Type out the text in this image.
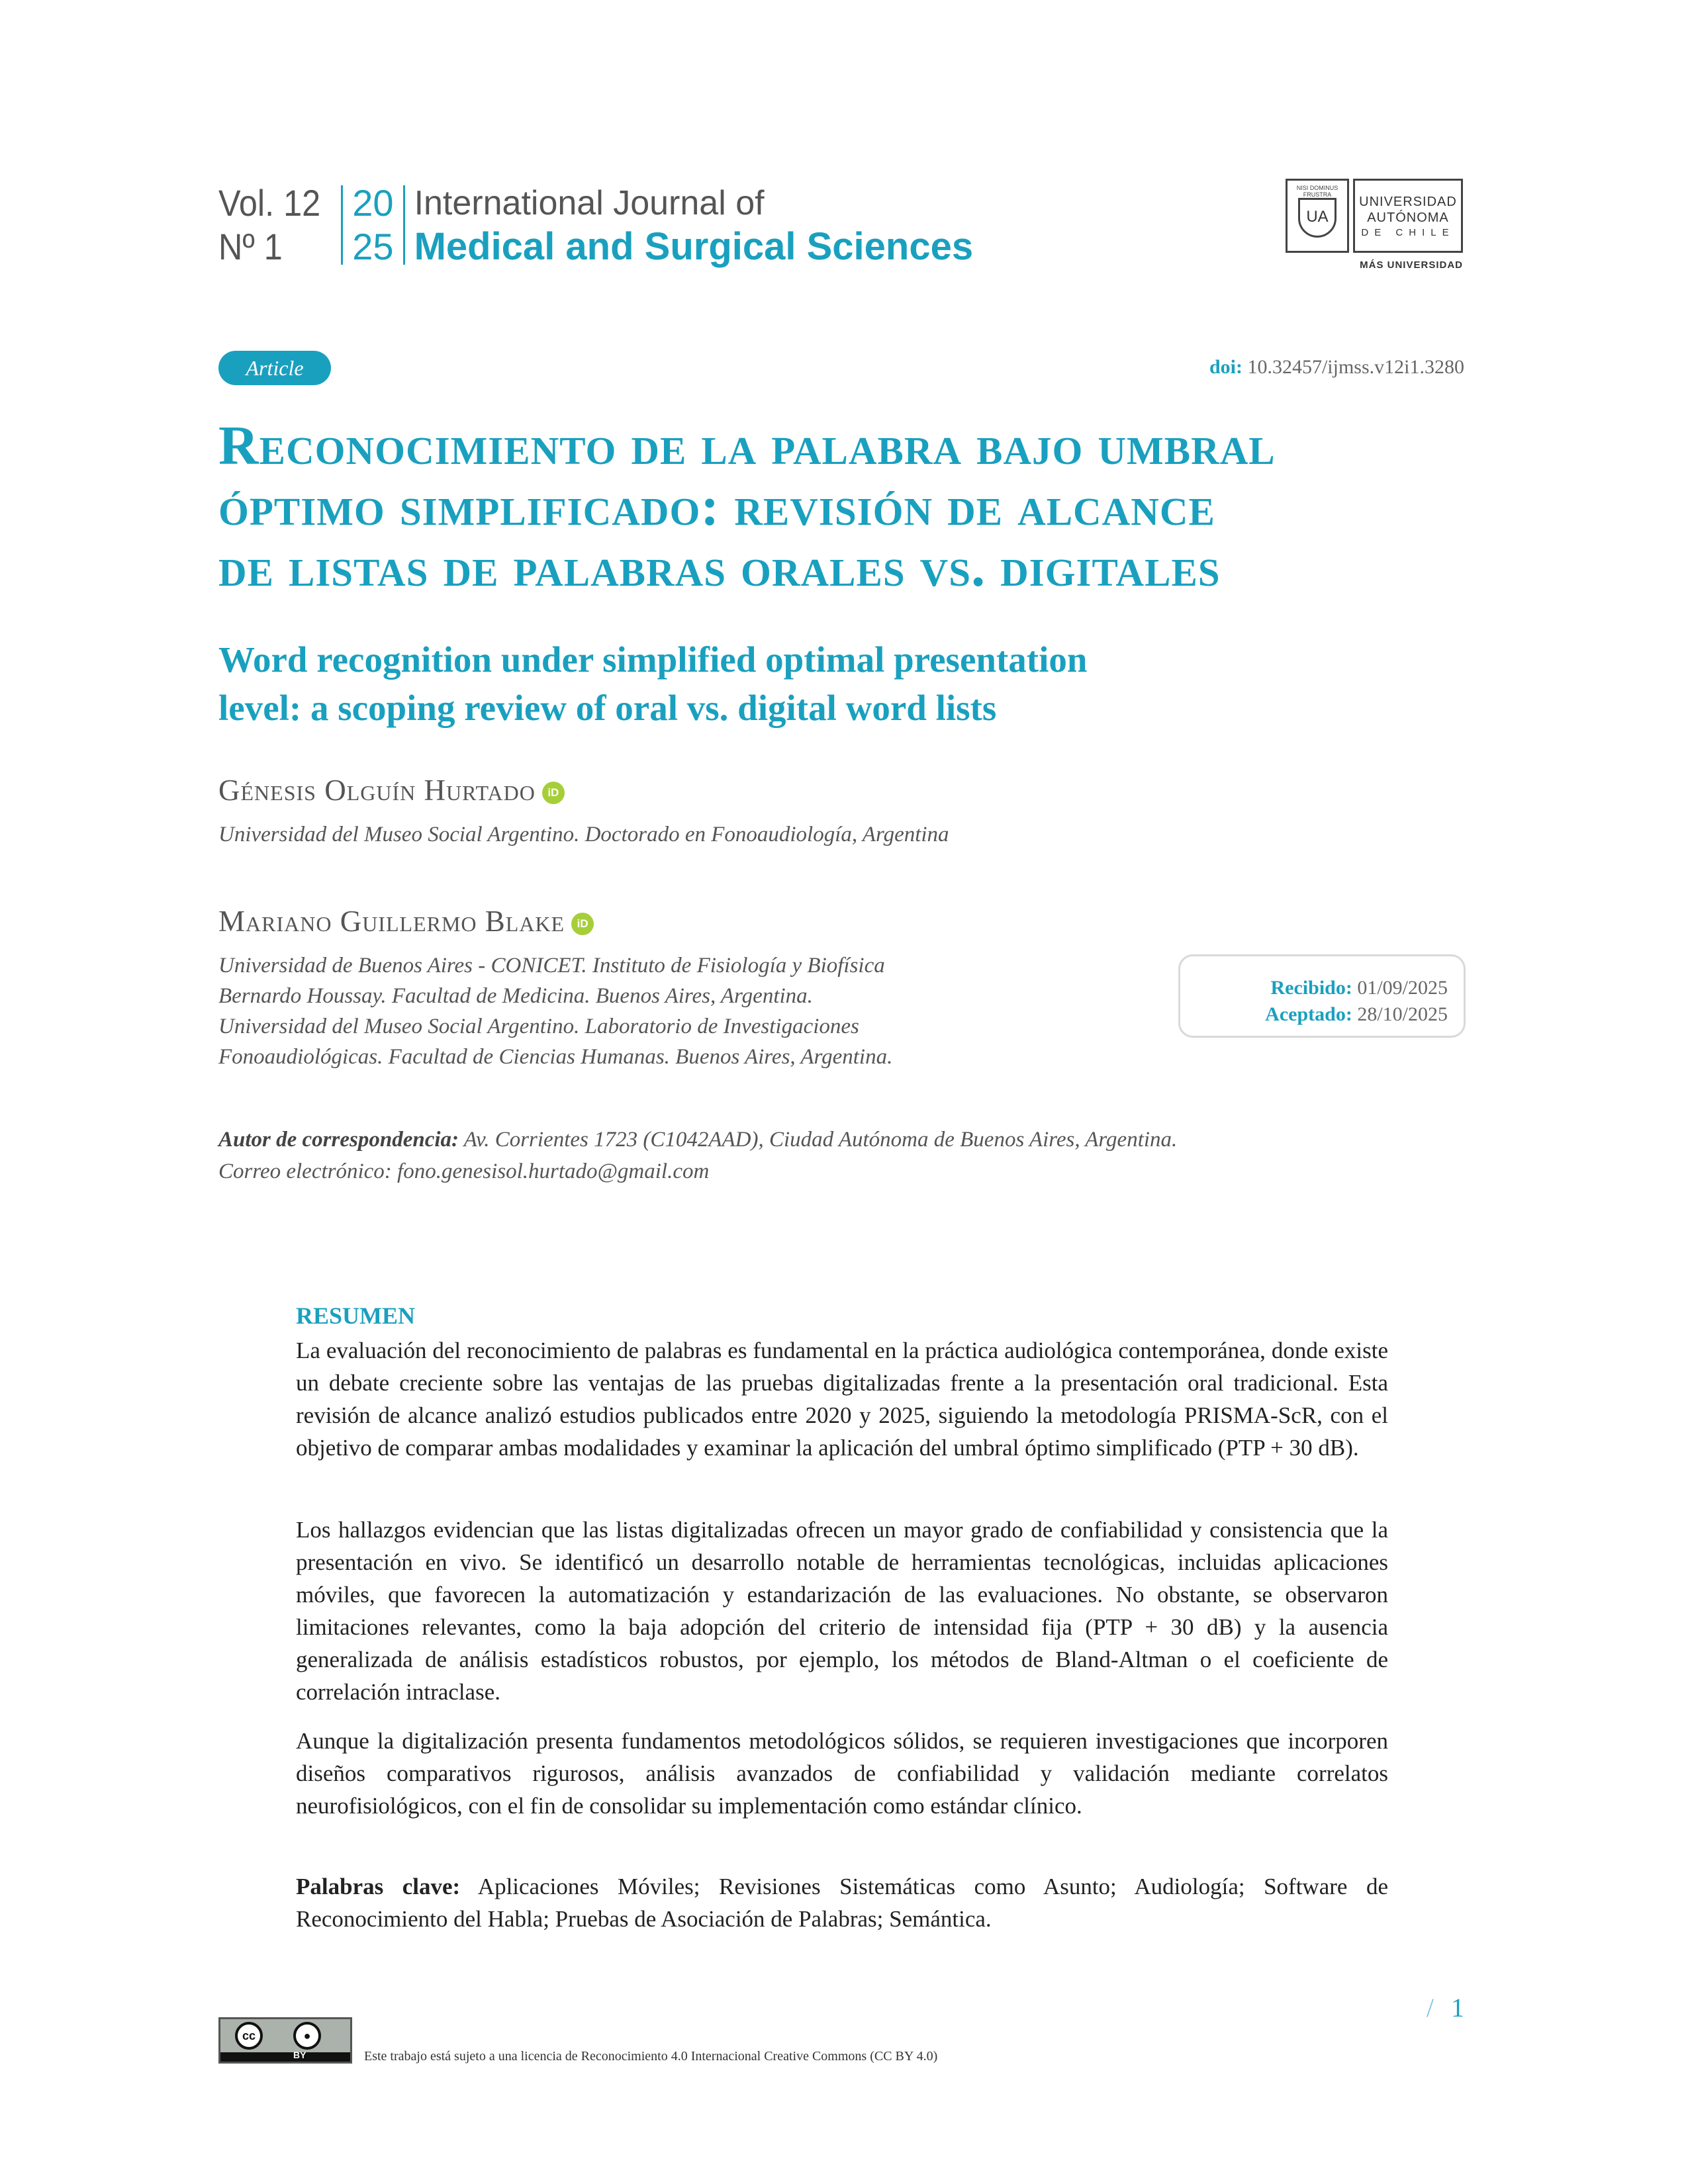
Vol. 12
Nº 1
20
25
International Journal of
Medical and Surgical Sciences
NISI DOMINUS FRUSTRA
UA
UNIVERSIDAD
AUTÓNOMA
DE CHILE
MÁS UNIVERSIDAD
Article	doi: 10.32457/ijmss.v12i1.3280
Reconocimiento de la palabra bajo umbral
óptimo simplificado: revisión de alcance
de listas de palabras orales vs. digitales
Word recognition under simplified optimal presentation
level: a scoping review of oral vs. digital word lists
Génesis Olguín Hurtado iD
Universidad del Museo Social Argentino. Doctorado en Fonoaudiología, Argentina
Mariano Guillermo Blake iD
Universidad de Buenos Aires - CONICET. Instituto de Fisiología y Biofísica
Bernardo Houssay. Facultad de Medicina. Buenos Aires, Argentina.
Universidad del Museo Social Argentino. Laboratorio de Investigaciones
Fonoaudiológicas. Facultad de Ciencias Humanas. Buenos Aires, Argentina.
Recibido: 01/09/2025
Aceptado: 28/10/2025
Autor de correspondencia: Av. Corrientes 1723 (C1042AAD), Ciudad Autónoma de Buenos Aires, Argentina.
Correo electrónico: fono.genesisol.hurtado@gmail.com
RESUMEN
La evaluación del reconocimiento de palabras es fundamental en la práctica audiológica contemporánea, donde existe un debate creciente sobre las ventajas de las pruebas digitalizadas frente a la presentación oral tradicional. Esta revisión de alcance analizó estudios publicados entre 2020 y 2025, siguiendo la metodología PRISMA-ScR, con el objetivo de comparar ambas modalidades y examinar la aplicación del umbral óptimo simplificado (PTP + 30 dB).
Los hallazgos evidencian que las listas digitalizadas ofrecen un mayor grado de confiabilidad y consistencia que la presentación en vivo. Se identificó un desarrollo notable de herramientas tecnológicas, incluidas aplicaciones móviles, que favorecen la automatización y estandarización de las evaluaciones. No obstante, se observaron limitaciones relevantes, como la baja adopción del criterio de intensidad fija (PTP + 30 dB) y la ausencia generalizada de análisis estadísticos robustos, por ejemplo, los métodos de Bland-Altman o el coeficiente de correlación intraclase.
Aunque la digitalización presenta fundamentos metodológicos sólidos, se requieren investigaciones que incorporen diseños comparativos rigurosos, análisis avanzados de confiabilidad y validación mediante correlatos neurofisiológicos, con el fin de consolidar su implementación como estándar clínico.
Palabras clave: Aplicaciones Móviles; Revisiones Sistemáticas como Asunto; Audiología; Software de Reconocimiento del Habla; Pruebas de Asociación de Palabras; Semántica.
/ 1
cc	●
BY	Este trabajo está sujeto a una licencia de Reconocimiento 4.0 Internacional Creative Commons (CC BY 4.0)
